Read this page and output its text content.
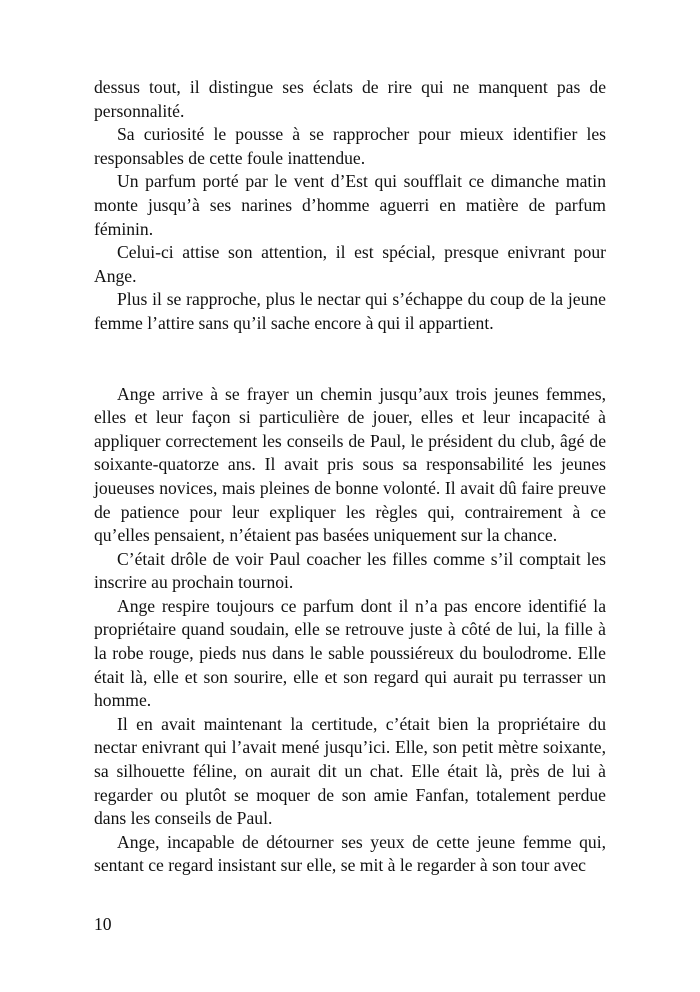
dessus tout, il distingue ses éclats de rire qui ne manquent pas de personnalité.

Sa curiosité le pousse à se rapprocher pour mieux identifier les responsables de cette foule inattendue.

Un parfum porté par le vent d’Est qui soufflait ce dimanche matin monte jusqu’à ses narines d’homme aguerri en matière de parfum féminin.

Celui-ci attise son attention, il est spécial, presque enivrant pour Ange.

Plus il se rapproche, plus le nectar qui s’échappe du coup de la jeune femme l’attire sans qu’il sache encore à qui il appartient.

Ange arrive à se frayer un chemin jusqu’aux trois jeunes femmes, elles et leur façon si particulière de jouer, elles et leur incapacité à appliquer correctement les conseils de Paul, le président du club, âgé de soixante-quatorze ans. Il avait pris sous sa responsabilité les jeunes joueuses novices, mais pleines de bonne volonté. Il avait dû faire preuve de patience pour leur expliquer les règles qui, contrairement à ce qu’elles pensaient, n’étaient pas basées uniquement sur la chance.

C’était drôle de voir Paul coacher les filles comme s’il comptait les inscrire au prochain tournoi.

Ange respire toujours ce parfum dont il n’a pas encore identifié la propriétaire quand soudain, elle se retrouve juste à côté de lui, la fille à la robe rouge, pieds nus dans le sable poussiéreux du boulodrome. Elle était là, elle et son sourire, elle et son regard qui aurait pu terrasser un homme.

Il en avait maintenant la certitude, c’était bien la propriétaire du nectar enivrant qui l’avait mené jusqu’ici. Elle, son petit mètre soixante, sa silhouette féline, on aurait dit un chat. Elle était là, près de lui à regarder ou plutôt se moquer de son amie Fanfan, totalement perdue dans les conseils de Paul.

Ange, incapable de détourner ses yeux de cette jeune femme qui, sentant ce regard insistant sur elle, se mit à le regarder à son tour avec

10
